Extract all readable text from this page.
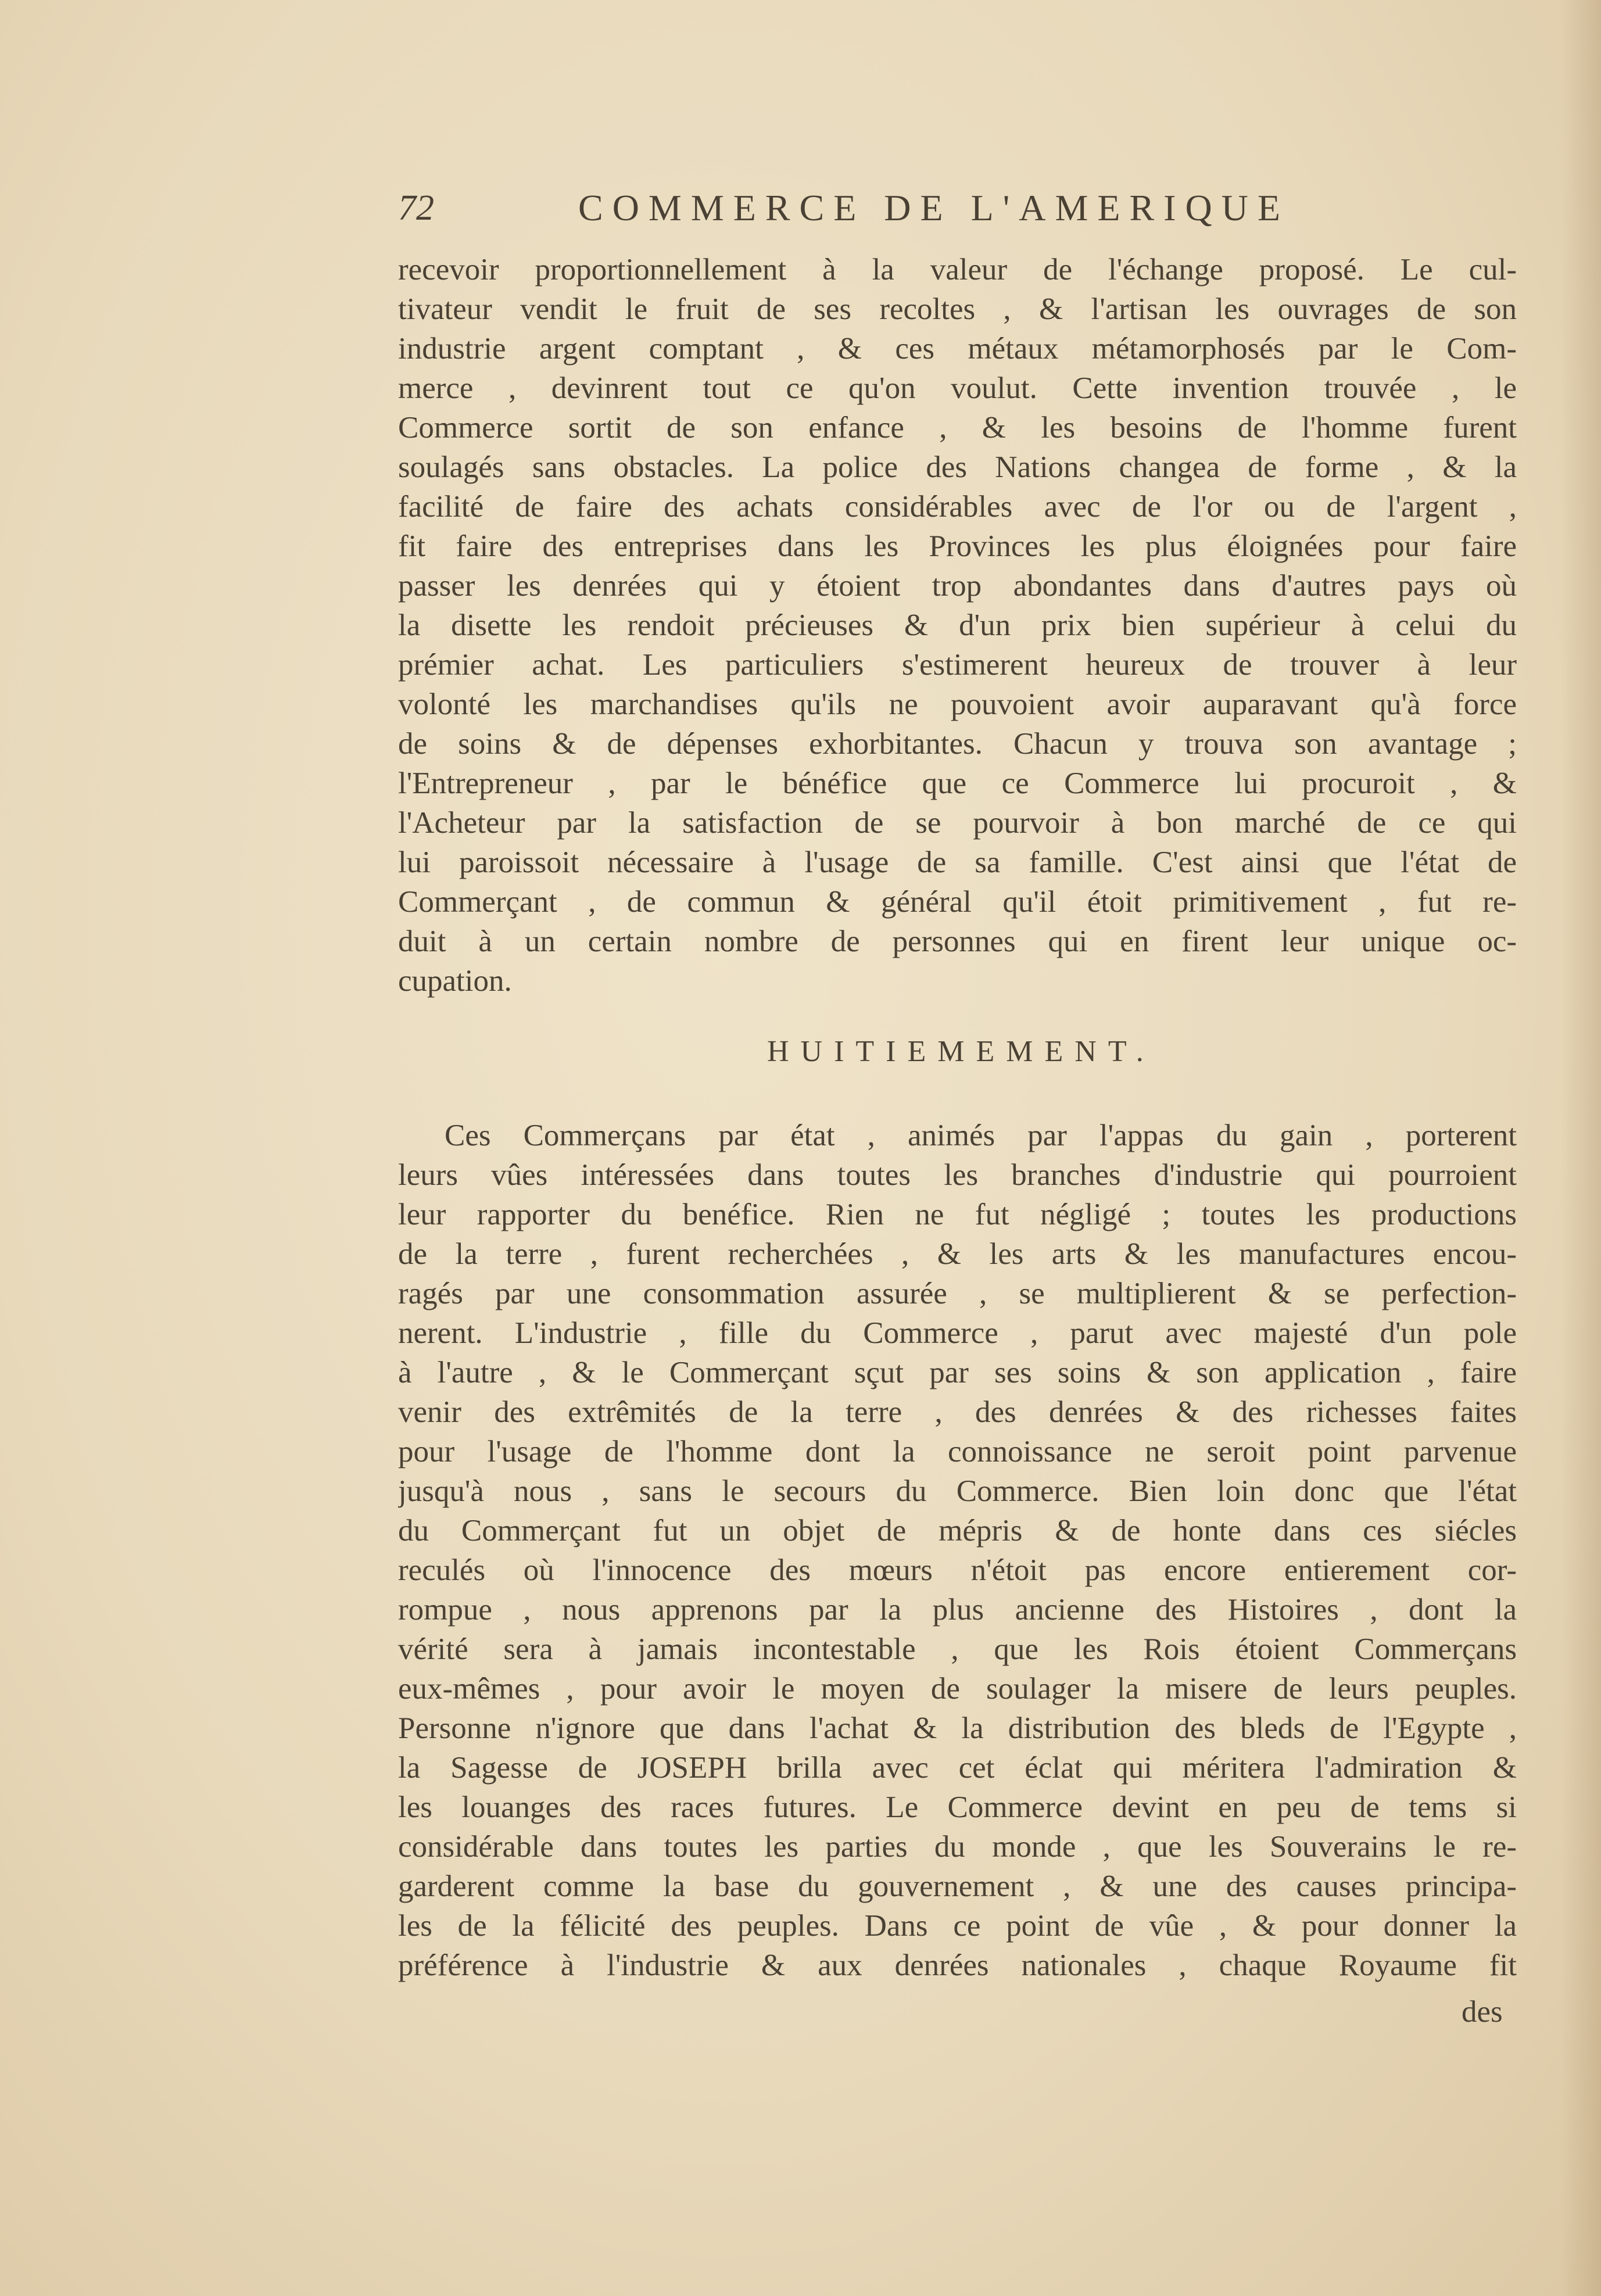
72	COMMERCE DE L'AMERIQUE
recevoir proportionnellement à la valeur de l'échange proposé. Le cul-
tivateur vendit le fruit de ses recoltes , & l'artisan les ouvrages de son
industrie argent comptant , & ces métaux métamorphosés par le Com-
merce , devinrent tout ce qu'on voulut. Cette invention trouvée , le
Commerce sortit de son enfance , & les besoins de l'homme furent
soulagés sans obstacles. La police des Nations changea de forme , & la
facilité de faire des achats considérables avec de l'or ou de l'argent ,
fit faire des entreprises dans les Provinces les plus éloignées pour faire
passer les denrées qui y étoient trop abondantes dans d'autres pays où
la disette les rendoit précieuses & d'un prix bien supérieur à celui du
prémier achat. Les particuliers s'estimerent heureux de trouver à leur
volonté les marchandises qu'ils ne pouvoient avoir auparavant qu'à force
de soins & de dépenses exhorbitantes. Chacun y trouva son avantage ;
l'Entrepreneur , par le bénéfice que ce Commerce lui procuroit , &
l'Acheteur par la satisfaction de se pourvoir à bon marché de ce qui
lui paroissoit nécessaire à l'usage de sa famille. C'est ainsi que l'état de
Commerçant , de commun & général qu'il étoit primitivement , fut re-
duit à un certain nombre de personnes qui en firent leur unique oc-
cupation.
HUITIEMEMENT.
Ces Commerçans par état , animés par l'appas du gain , porterent
leurs vûes intéressées dans toutes les branches d'industrie qui pourroient
leur rapporter du benéfice. Rien ne fut négligé ; toutes les productions
de la terre , furent recherchées , & les arts & les manufactures encou-
ragés par une consommation assurée , se multiplierent & se perfection-
nerent. L'industrie , fille du Commerce , parut avec majesté d'un pole
à l'autre , & le Commerçant sçut par ses soins & son application , faire
venir des extrêmités de la terre , des denrées & des richesses faites
pour l'usage de l'homme dont la connoissance ne seroit point parvenue
jusqu'à nous , sans le secours du Commerce. Bien loin donc que l'état
du Commerçant fut un objet de mépris & de honte dans ces siécles
reculés où l'innocence des mœurs n'étoit pas encore entierement cor-
rompue , nous apprenons par la plus ancienne des Histoires , dont la
vérité sera à jamais incontestable , que les Rois étoient Commerçans
eux-mêmes , pour avoir le moyen de soulager la misere de leurs peuples.
Personne n'ignore que dans l'achat & la distribution des bleds de l'Egypte ,
la Sagesse de JOSEPH brilla avec cet éclat qui méritera l'admiration &
les louanges des races futures. Le Commerce devint en peu de tems si
considérable dans toutes les parties du monde , que les Souverains le re-
garderent comme la base du gouvernement , & une des causes principa-
les de la félicité des peuples. Dans ce point de vûe , & pour donner la
préférence à l'industrie & aux denrées nationales , chaque Royaume fit
des
